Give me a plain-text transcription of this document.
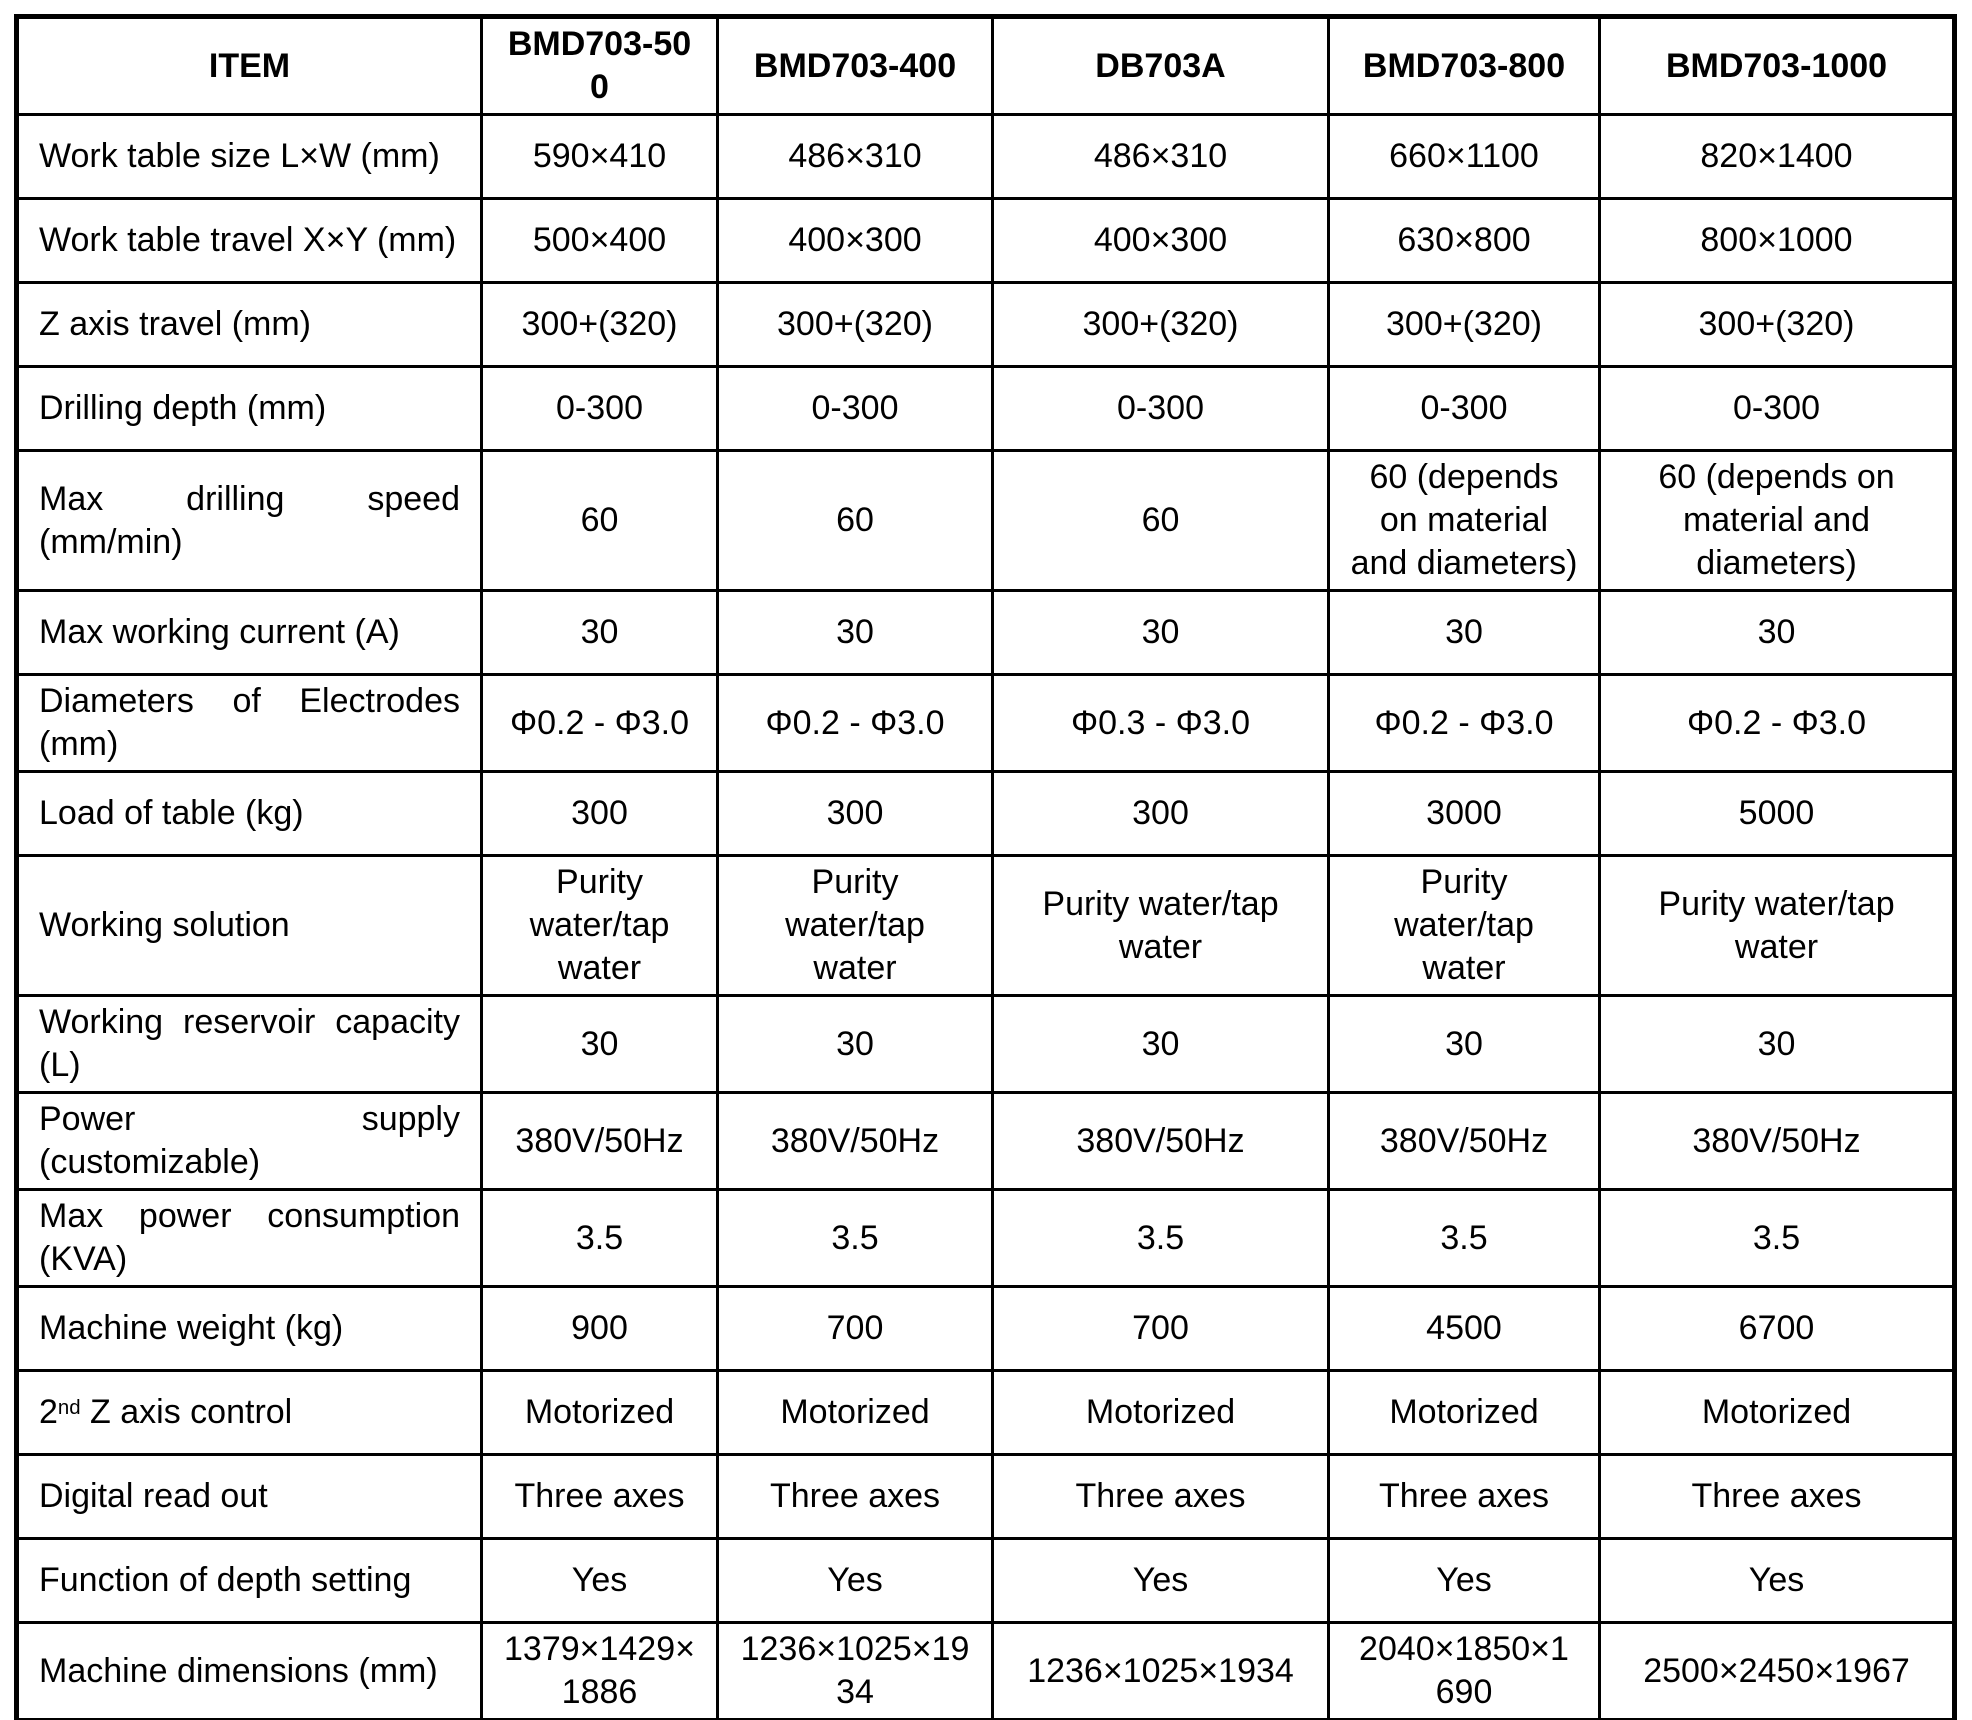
ITEM	BMD703-500	BMD703-400	DB703A	BMD703-800	BMD703-1000
Work table size L×W (mm)	590×410	486×310	486×310	660×1100	820×1400
Work table travel X×Y (mm)	500×400	400×300	400×300	630×800	800×1000
Z axis travel (mm)	300+(320)	300+(320)	300+(320)	300+(320)	300+(320)
Drilling depth (mm)	0-300	0-300	0-300	0-300	0-300
Max drilling speed (mm/min)	60	60	60	60 (depends on material and diameters)	60 (depends on material and diameters)
Max working current (A)	30	30	30	30	30
Diameters of Electrodes (mm)	Φ0.2 - Φ3.0	Φ0.2 - Φ3.0	Φ0.3 - Φ3.0	Φ0.2 - Φ3.0	Φ0.2 - Φ3.0
Load of table (kg)	300	300	300	3000	5000
Working solution	Purity water/tap water	Purity water/tap water	Purity water/tap water	Purity water/tap water	Purity water/tap water
Working reservoir capacity (L)	30	30	30	30	30
Power supply (customizable)	380V/50Hz	380V/50Hz	380V/50Hz	380V/50Hz	380V/50Hz
Max power consumption (KVA)	3.5	3.5	3.5	3.5	3.5
Machine weight (kg)	900	700	700	4500	6700
2nd Z axis control	Motorized	Motorized	Motorized	Motorized	Motorized
Digital read out	Three axes	Three axes	Three axes	Three axes	Three axes
Function of depth setting	Yes	Yes	Yes	Yes	Yes
Machine dimensions (mm)	1379×1429×1886	1236×1025×1934	1236×1025×1934	2040×1850×1690	2500×2450×1967
